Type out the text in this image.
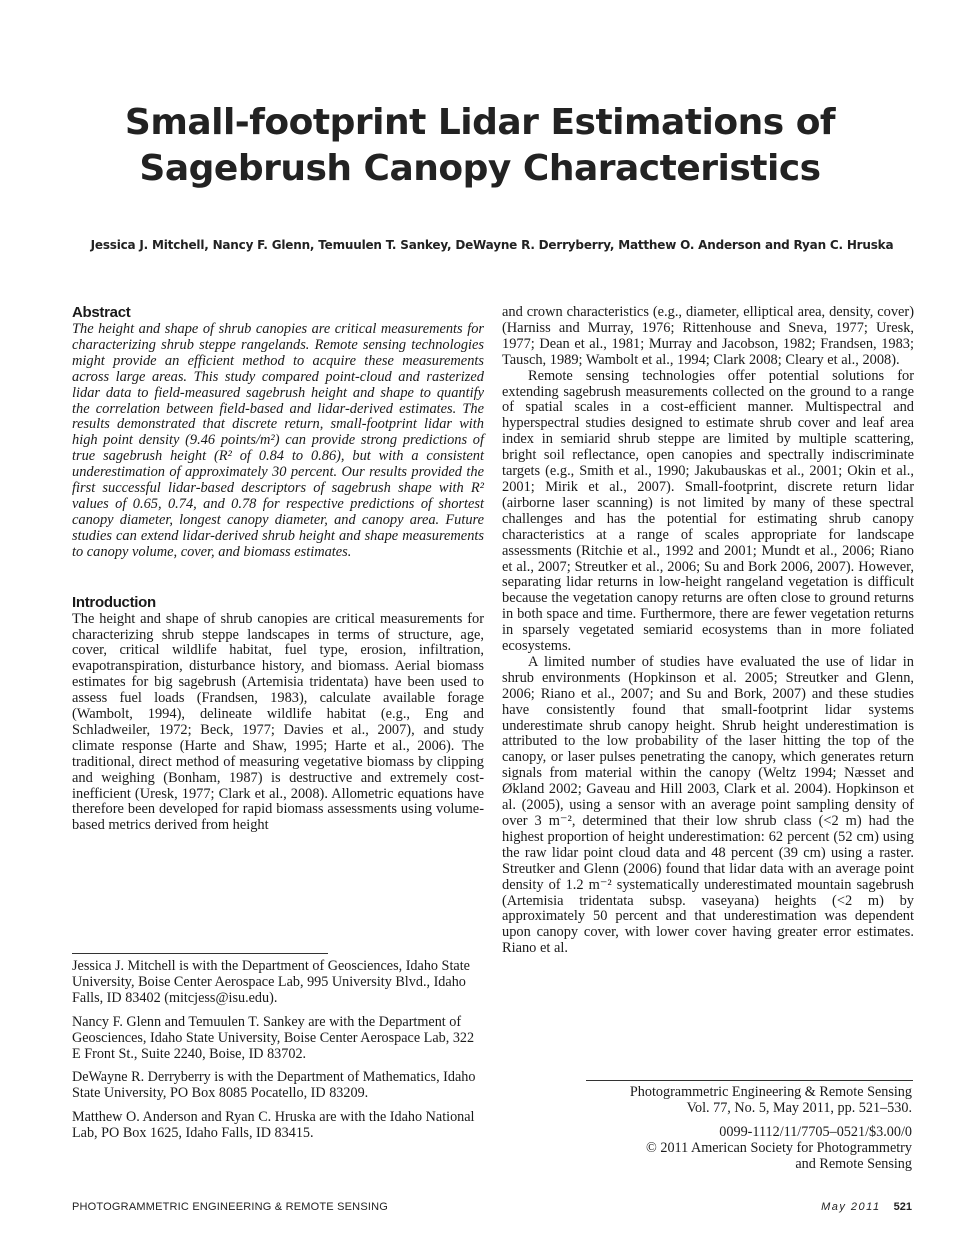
Small-footprint Lidar Estimations of
Sagebrush Canopy Characteristics
Jessica J. Mitchell, Nancy F. Glenn, Temuulen T. Sankey, DeWayne R. Derryberry, Matthew O. Anderson and Ryan C. Hruska
Abstract
The height and shape of shrub canopies are critical measurements for characterizing shrub steppe rangelands. Remote sensing technologies might provide an efficient method to acquire these measurements across large areas. This study compared point-cloud and rasterized lidar data to field-measured sagebrush height and shape to quantify the correlation between field-based and lidar-derived estimates. The results demonstrated that discrete return, small-footprint lidar with high point density (9.46 points/m²) can provide strong predictions of true sagebrush height (R² of 0.84 to 0.86), but with a consistent underestimation of approximately 30 percent. Our results provided the first successful lidar-based descriptors of sagebrush shape with R² values of 0.65, 0.74, and 0.78 for respective predictions of shortest canopy diameter, longest canopy diameter, and canopy area. Future studies can extend lidar-derived shrub height and shape measurements to canopy volume, cover, and biomass estimates.
Introduction

The height and shape of shrub canopies are critical measurements for characterizing shrub steppe landscapes in terms of structure, age, cover, critical wildlife habitat, fuel type, erosion, infiltration, evapotranspiration, disturbance history, and biomass. Aerial biomass estimates for big sagebrush (Artemisia tridentata) have been used to assess fuel loads (Frandsen, 1983), calculate available forage (Wambolt, 1994), delineate wildlife habitat (e.g., Eng and Schladweiler, 1972; Beck, 1977; Davies et al., 2007), and study climate response (Harte and Shaw, 1995; Harte et al., 2006). The traditional, direct method of measuring vegetative biomass by clipping and weighing (Bonham, 1987) is destructive and extremely cost-inefficient (Uresk, 1977; Clark et al., 2008). Allometric equations have therefore been developed for rapid biomass assessments using volume-based metrics derived from height

and crown characteristics (e.g., diameter, elliptical area, density, cover) (Harniss and Murray, 1976; Rittenhouse and Sneva, 1977; Uresk, 1977; Dean et al., 1981; Murray and Jacobson, 1982; Frandsen, 1983; Tausch, 1989; Wambolt et al., 1994; Clark 2008; Cleary et al., 2008).

Remote sensing technologies offer potential solutions for extending sagebrush measurements collected on the ground to a range of spatial scales in a cost-efficient manner. Multispectral and hyperspectral studies designed to estimate shrub cover and leaf area index in semiarid shrub steppe are limited by multiple scattering, bright soil reflectance, open canopies and spectrally indiscriminate targets (e.g., Smith et al., 1990; Jakubauskas et al., 2001; Okin et al., 2001; Mirik et al., 2007). Small-footprint, discrete return lidar (airborne laser scanning) is not limited by many of these spectral challenges and has the potential for estimating shrub canopy characteristics at a range of scales appropriate for landscape assessments (Ritchie et al., 1992 and 2001; Mundt et al., 2006; Riano et al., 2007; Streutker et al., 2006; Su and Bork 2006, 2007). However, separating lidar returns in low-height rangeland vegetation is difficult because the vegetation canopy returns are often close to ground returns in both space and time. Furthermore, there are fewer vegetation returns in sparsely vegetated semiarid ecosystems than in more foliated ecosystems.

A limited number of studies have evaluated the use of lidar in shrub environments (Hopkinson et al. 2005; Streutker and Glenn, 2006; Riano et al., 2007; and Su and Bork, 2007) and these studies have consistently found that small-footprint lidar systems underestimate shrub canopy height. Shrub height underestimation is attributed to the low probability of the laser hitting the top of the canopy, or laser pulses penetrating the canopy, which generates return signals from material within the canopy (Weltz 1994; Næsset and Økland 2002; Gaveau and Hill 2003, Clark et al. 2004). Hopkinson et al. (2005), using a sensor with an average point sampling density of over 3 m⁻², determined that their low shrub class (<2 m) had the highest proportion of height underestimation: 62 percent (52 cm) using the raw lidar point cloud data and 48 percent (39 cm) using a raster. Streutker and Glenn (2006) found that lidar data with an average point density of 1.2 m⁻² systematically underestimated mountain sagebrush (Artemisia tridentata subsp. vaseyana) heights (<2 m) by approximately 50 percent and that underestimation was dependent upon canopy cover, with lower cover having greater error estimates. Riano et al.

Jessica J. Mitchell is with the Department of Geosciences, Idaho State University, Boise Center Aerospace Lab, 995 University Blvd., Idaho Falls, ID 83402 (mitcjess@isu.edu).

Nancy F. Glenn and Temuulen T. Sankey are with the Department of Geosciences, Idaho State University, Boise Center Aerospace Lab, 322 E Front St., Suite 2240, Boise, ID 83702.

DeWayne R. Derryberry is with the Department of Mathematics, Idaho State University, PO Box 8085 Pocatello, ID 83209.

Matthew O. Anderson and Ryan C. Hruska are with the Idaho National Lab, PO Box 1625, Idaho Falls, ID 83415.

Photogrammetric Engineering & Remote Sensing
Vol. 77, No. 5, May 2011, pp. 521–530.
0099-1112/11/7705–0521/$3.00/0
© 2011 American Society for Photogrammetry
and Remote Sensing
PHOTOGRAMMETRIC ENGINEERING & REMOTE SENSING	May 2011 521
